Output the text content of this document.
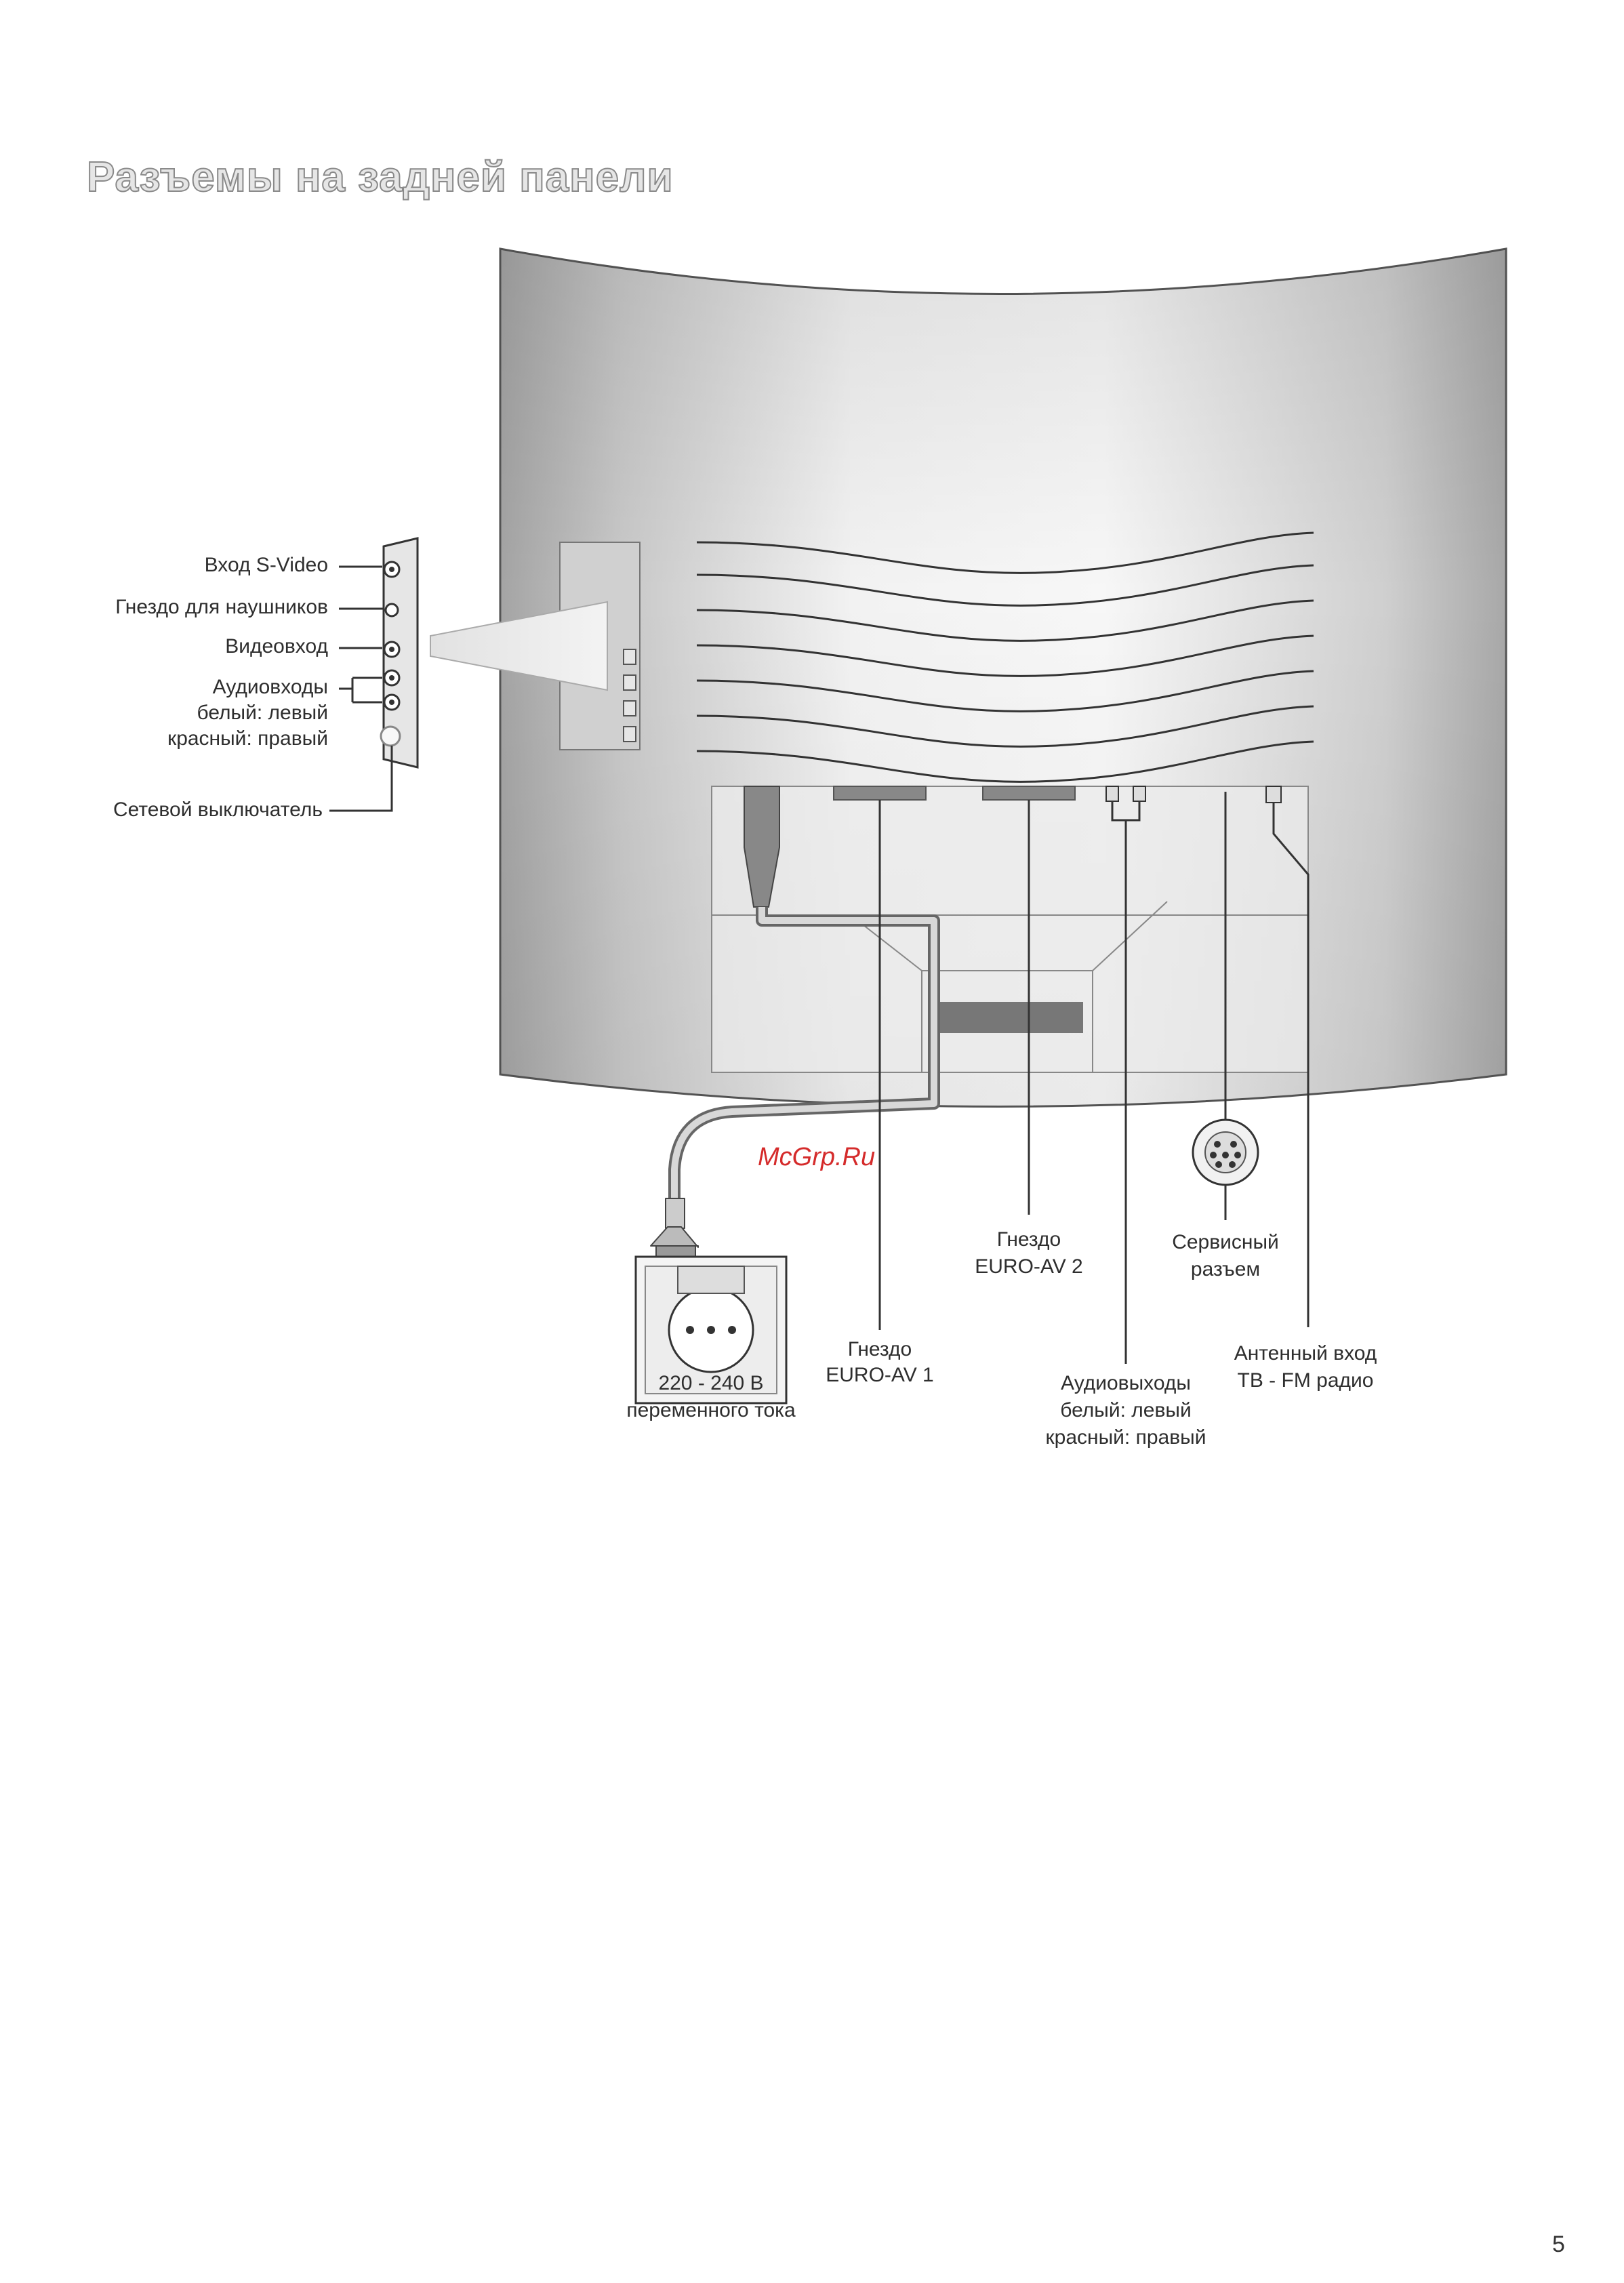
Разъемы на задней панели
Вход S-Video
Гнездо для наушников
Видеовход
Аудиовходы
белый: левый
красный: правый
Сетевой выключатель
220 - 240 В
переменного тока
Гнездо
EURO-AV 1
Гнездо
EURO-AV 2
Аудиовыходы
белый: левый
красный: правый
Сервисный
разъем
Антенный вход
ТВ - FM радио
McGrp.Ru
5
